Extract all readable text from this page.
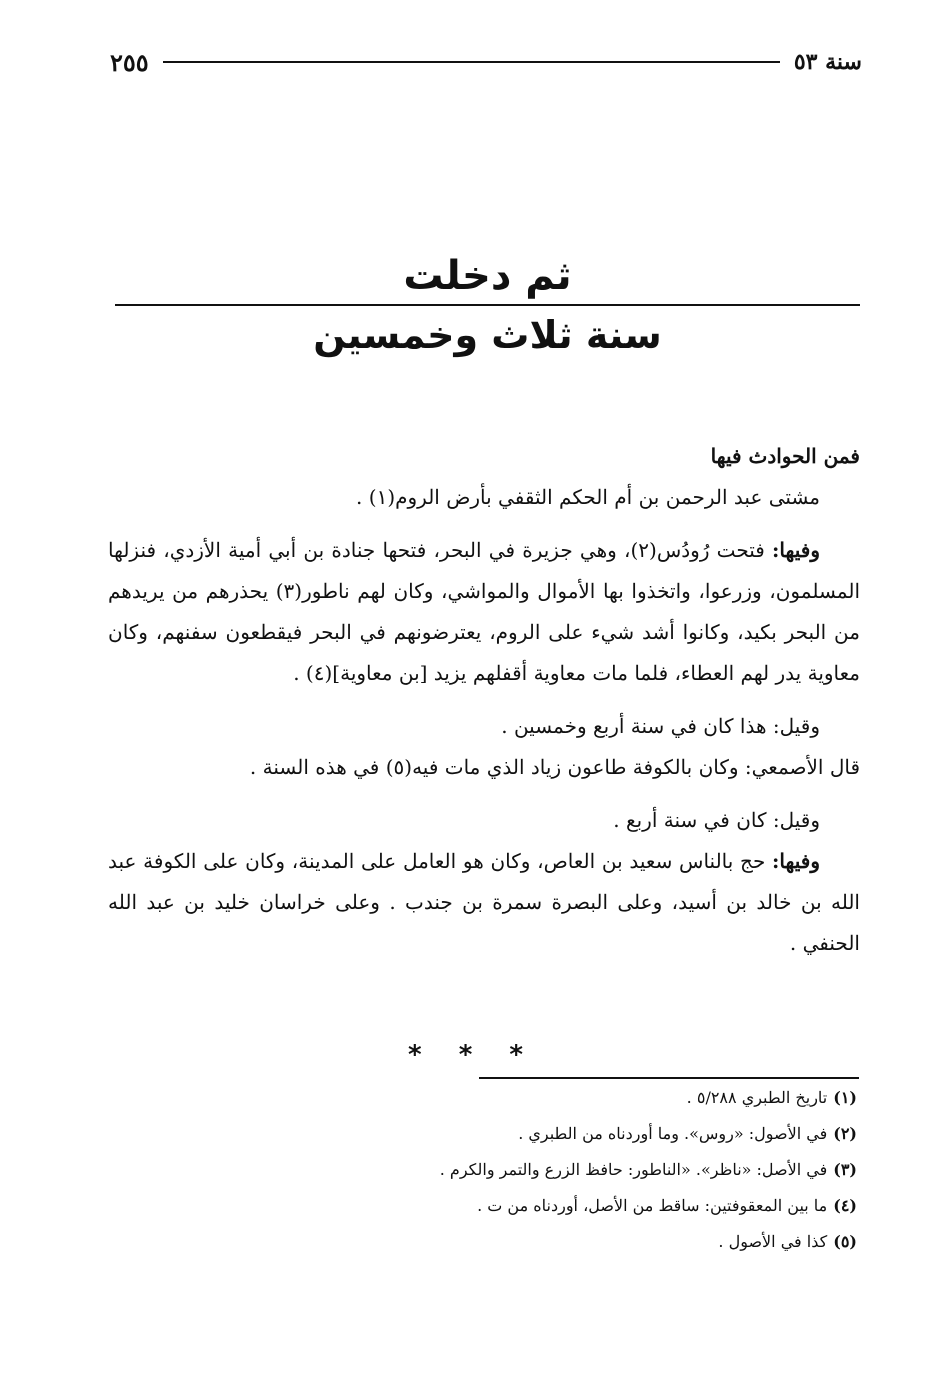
سنة ٥٣
٢٥٥
ثم دخلت
سنة ثلاث وخمسين

فمن الحوادث فيها

مشتى عبد الرحمن بن أم الحكم الثقفي بأرض الروم(١) .

وفيها: فتحت رُودُس(٢)، وهي جزيرة في البحر، فتحها جنادة بن أبي أمية الأزدي، فنزلها المسلمون، وزرعوا، واتخذوا بها الأموال والمواشي، وكان لهم ناطور(٣) يحذرهم من يريدهم من البحر بكيد، وكانوا أشد شيء على الروم، يعترضونهم في البحر فيقطعون سفنهم، وكان معاوية يدر لهم العطاء، فلما مات معاوية أقفلهم يزيد [بن معاوية](٤) .

وقيل: هذا كان في سنة أربع وخمسين .

قال الأصمعي: وكان بالكوفة طاعون زياد الذي مات فيه(٥) في هذه السنة .

وقيل: كان في سنة أربع .

وفيها: حج بالناس سعيد بن العاص، وكان هو العامل على المدينة، وكان على الكوفة عبد الله بن خالد بن أسيد، وعلى البصرة سمرة بن جندب . وعلى خراسان خليد بن عبد الله الحنفي .

* * *
(١)تاريخ الطبري ٥/٢٨٨ .
(٢)في الأصول: «روس». وما أوردناه من الطبري .
(٣)في الأصل: «ناظر». «الناطور: حافظ الزرع والتمر والكرم .
(٤)ما بين المعقوفتين: ساقط من الأصل، أوردناه من ت .
(٥)كذا في الأصول .
